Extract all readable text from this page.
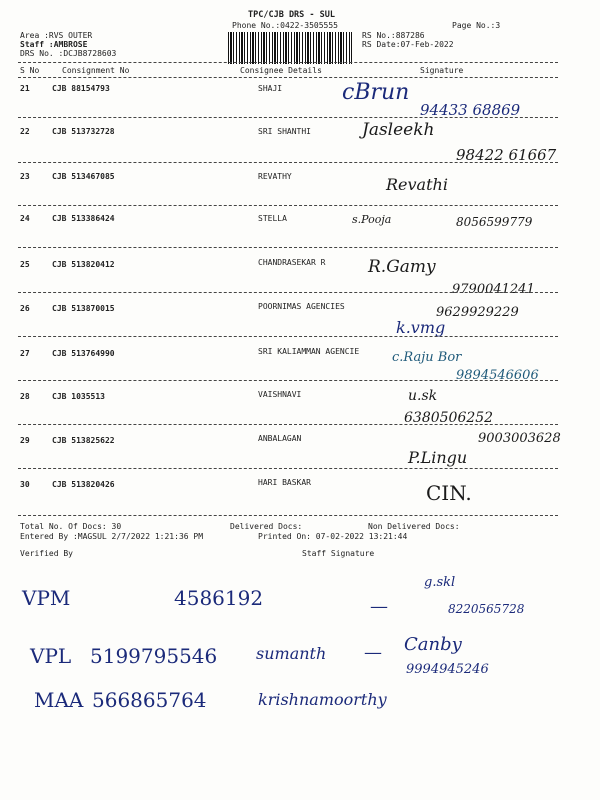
TPC/CJB DRS - SUL
Phone No.:0422-3505555	Page No.:3
Area :RVS OUTER
Staff :AMBROSE
DRS No. :DCJB8728603
RS No.:887286
RS Date:07-Feb-2022
S No	Consignment No	Consignee Details	Signature
21	CJB 88154793	SHAJI	cBrun
94433 68869
22	CJB 513732728	SRI SHANTHI	Jasleekh
98422 61667
23	CJB 513467085	REVATHY	Revathi
24	CJB 513386424	STELLA	s.Pooja	8056599779
25	CJB 513820412	CHANDRASEKAR R	R.Gamy
9790041241
26	CJB 513870015	POORNIMAS AGENCIES	9629929229
k.vmg
27	CJB 513764990	SRI KALIAMMAN AGENCIE	c.Raju Bor
9894546606
28	CJB 1035513	VAISHNAVI	u.sk
6380506252
29	CJB 513825622	ANBALAGAN	9003003628
P.Lingu
30	CJB 513820426	HARI BASKAR	CIN.
Total No. Of Docs: 30	Delivered Docs:	Non Delivered Docs:
Entered By :MAGSUL 2/7/2022 1:21:36 PM	Printed On: 07-02-2022 13:21:44
Verified By	Staff Signature
VPM	4586192	—
g.skl
8220565728
VPL 5199795546 sumanth — Canby
9994945246
MAA 566865764	krishnamoorthy
